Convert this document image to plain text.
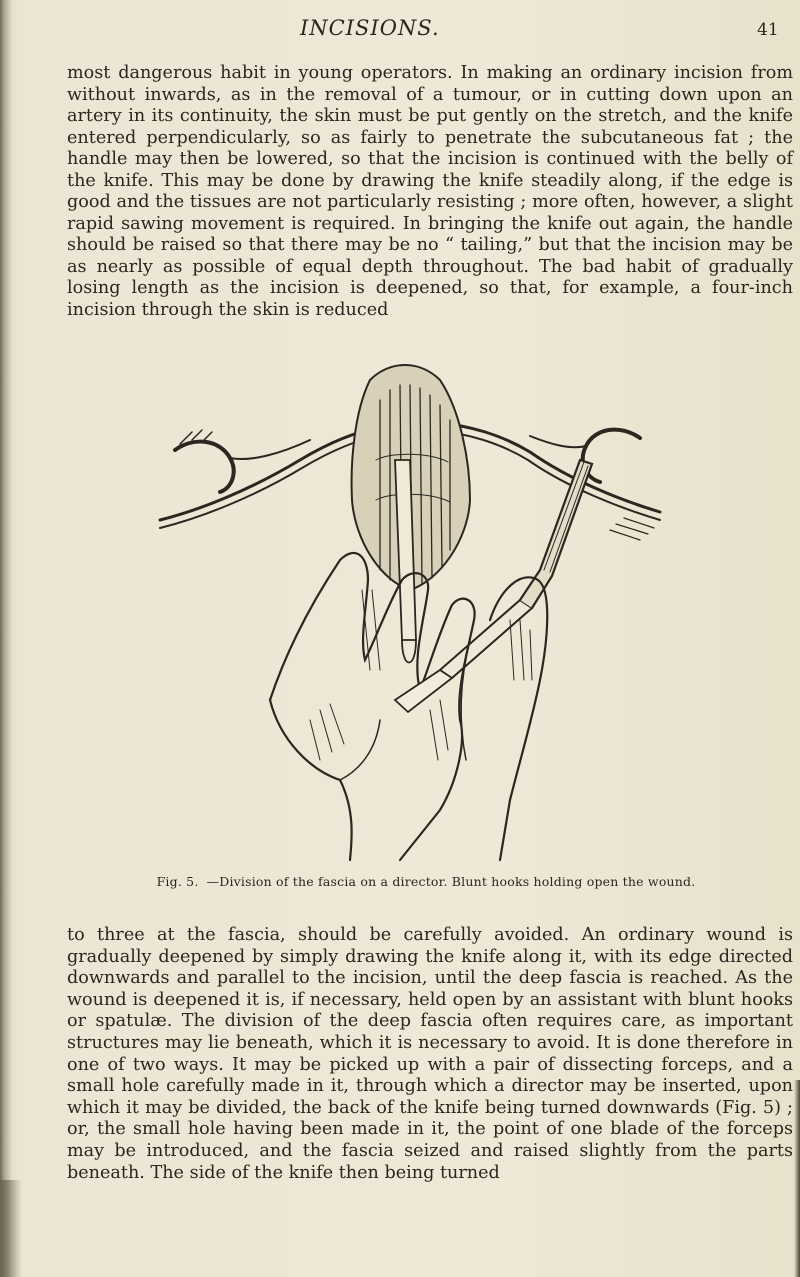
INCISIONS.	41

most dangerous habit in young operators. In making an ordinary incision from without inwards, as in the removal of a tumour, or in cutting down upon an artery in its continuity, the skin must be put gently on the stretch, and the knife entered perpendicularly, so as fairly to penetrate the subcutaneous fat ; the handle may then be lowered, so that the incision is continued with the belly of the knife. This may be done by drawing the knife steadily along, if the edge is good and the tissues are not particularly resisting ; more often, however, a slight rapid sawing movement is required. In bringing the knife out again, the handle should be raised so that there may be no “ tailing,” but that the incision may be as nearly as possible of equal depth throughout. The bad habit of gradually losing length as the incision is deepened, so that, for example, a four-inch incision through the skin is reduced

Fig. 5. —Division of the fascia on a director. Blunt hooks holding open the wound.

to three at the fascia, should be carefully avoided. An ordinary wound is gradually deepened by simply drawing the knife along it, with its edge directed downwards and parallel to the incision, until the deep fascia is reached. As the wound is deepened it is, if necessary, held open by an assistant with blunt hooks or spatulæ. The division of the deep fascia often requires care, as important structures may lie beneath, which it is necessary to avoid. It is done therefore in one of two ways. It may be picked up with a pair of dissecting forceps, and a small hole carefully made in it, through which a director may be inserted, upon which it may be divided, the back of the knife being turned downwards (Fig. 5) ; or, the small hole having been made in it, the point of one blade of the forceps may be introduced, and the fascia seized and raised slightly from the parts beneath. The side of the knife then being turned
